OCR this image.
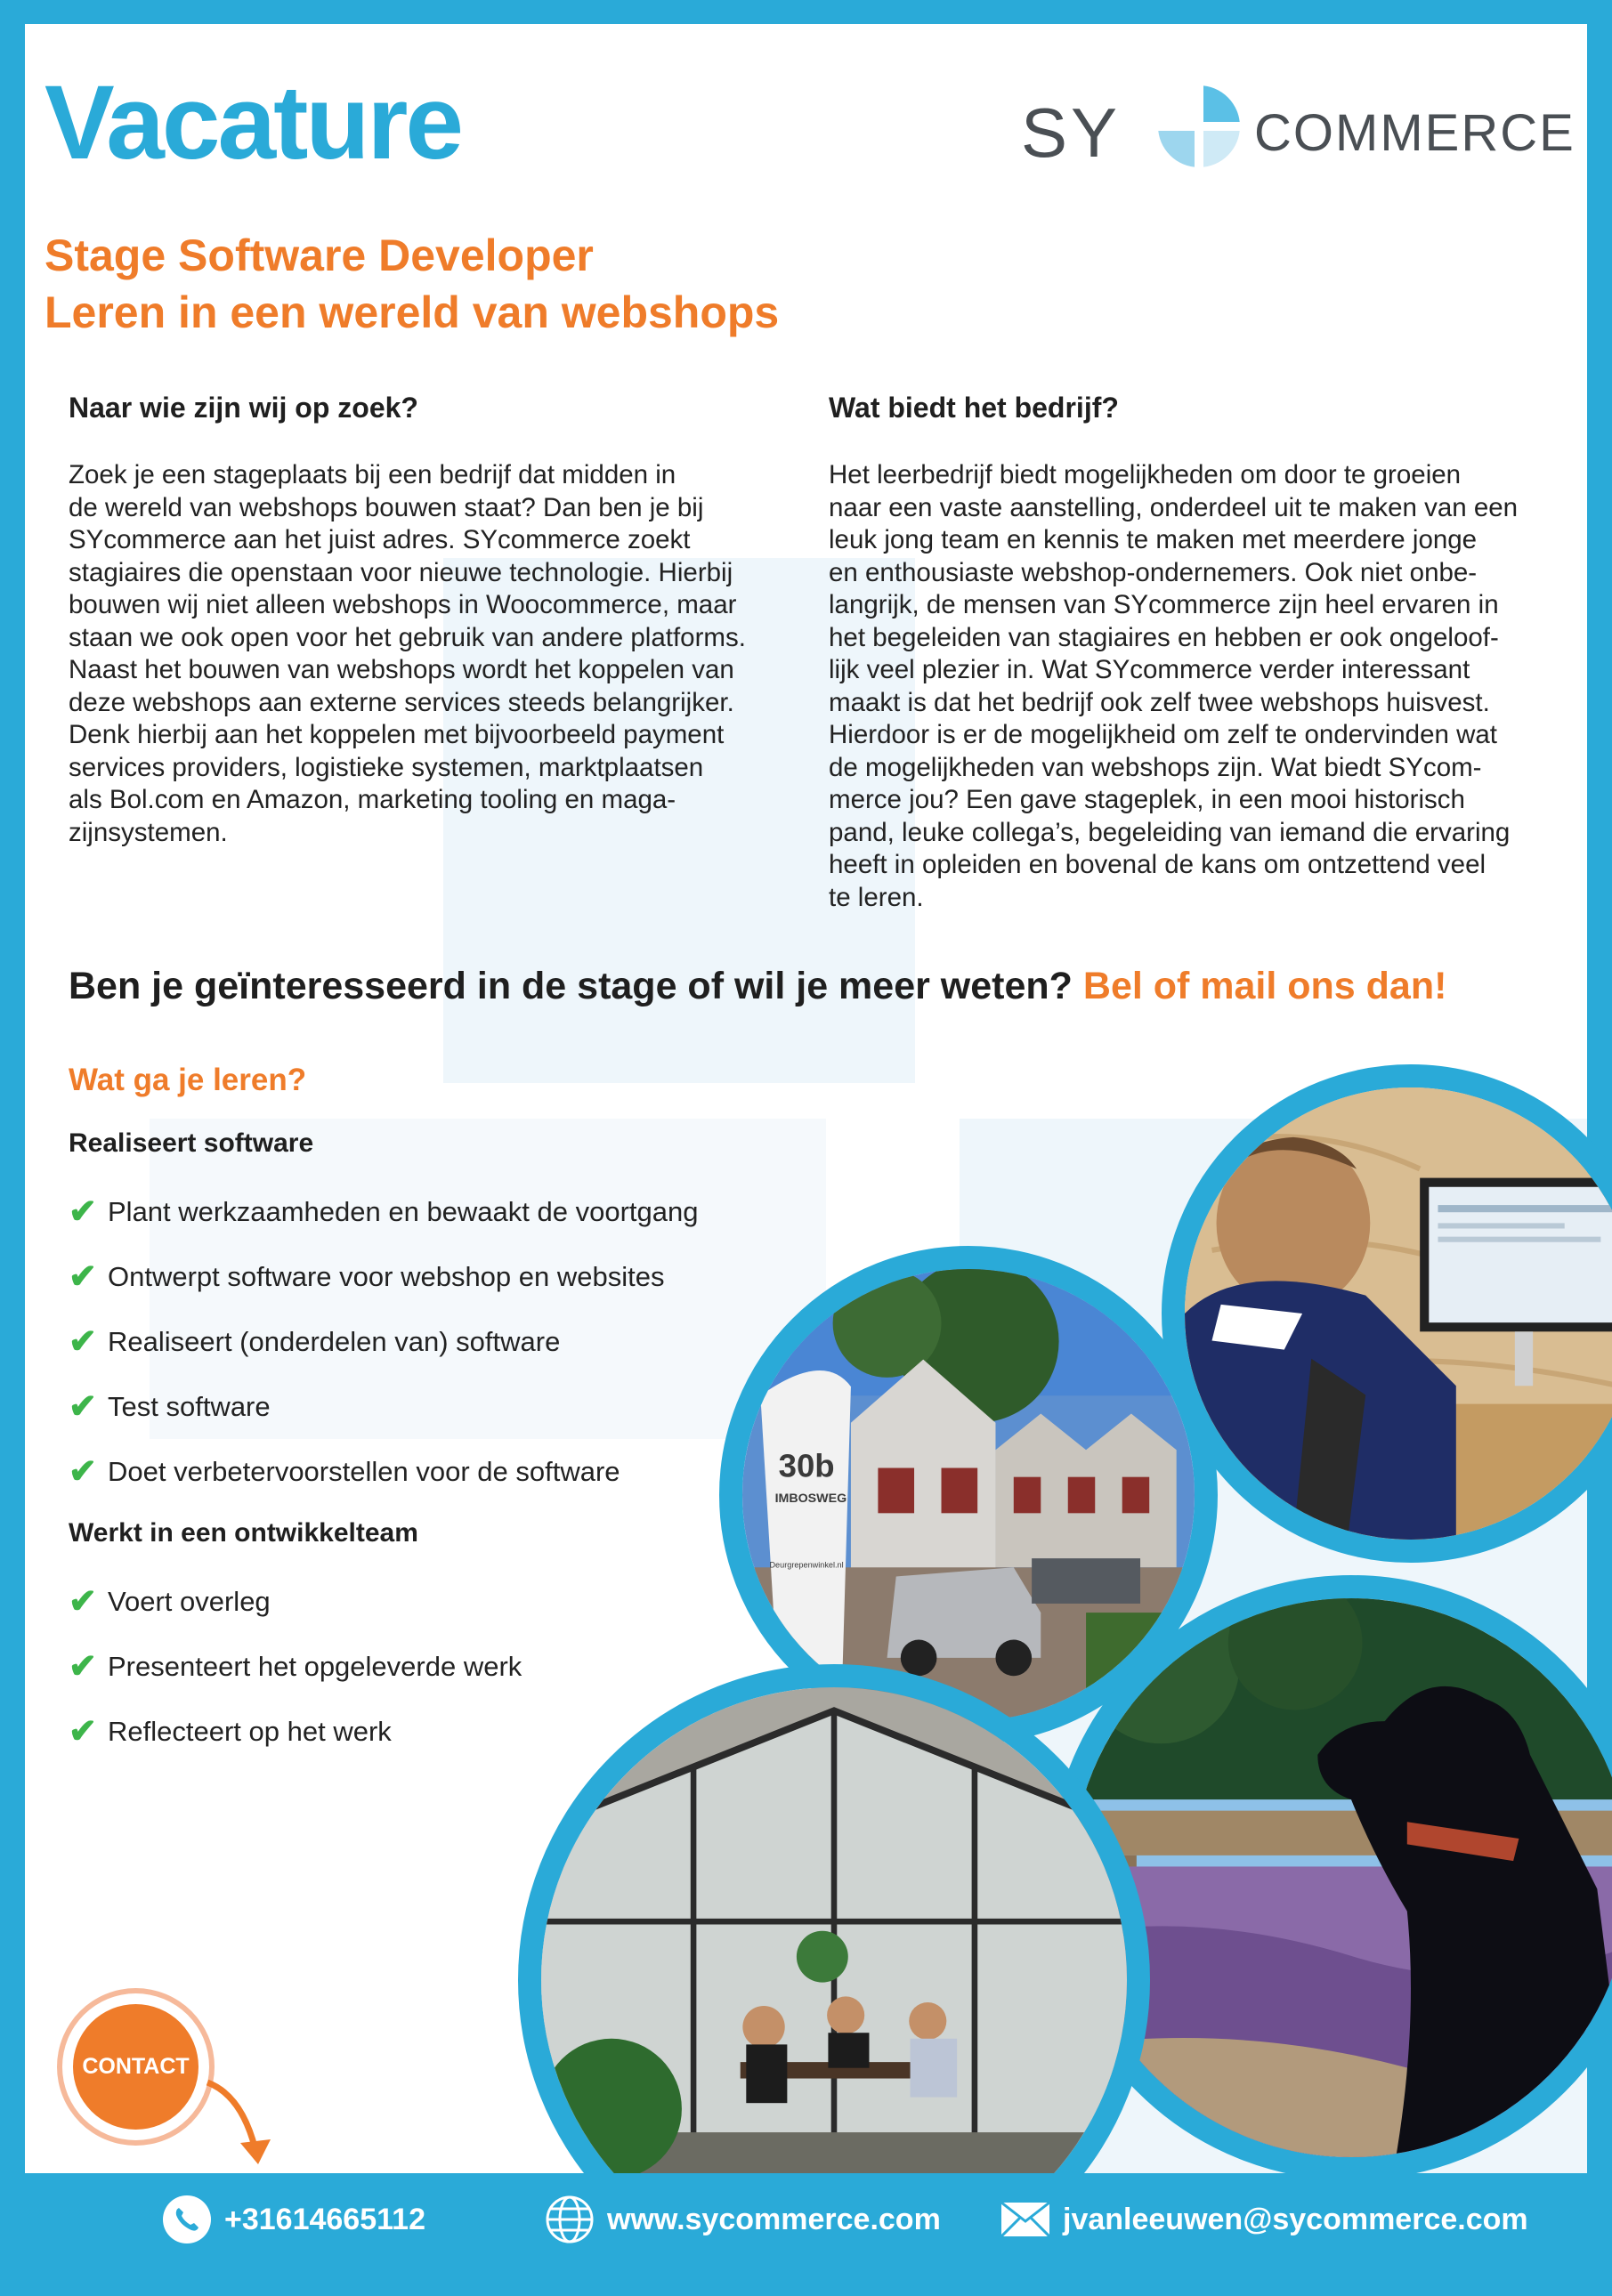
Vacature	SY	COMMERCE
Stage Software Developer
Leren in een wereld van webshops
Naar wie zijn wij op zoek?

Zoek je een stageplaats bij een bedrijf dat midden in
de wereld van webshops bouwen staat? Dan ben je bij
SYcommerce aan het juist adres. SYcommerce zoekt
stagiaires die openstaan voor nieuwe technologie. Hierbij
bouwen wij niet alleen webshops in Woocommerce, maar
staan we ook open voor het gebruik van andere platforms.
Naast het bouwen van webshops wordt het koppelen van
deze webshops aan externe services steeds belangrijker.
Denk hierbij aan het koppelen met bijvoorbeeld payment
services providers, logistieke systemen, marktplaatsen
als Bol.com en Amazon, marketing tooling en maga-
zijnsystemen.

Wat biedt het bedrijf?

Het leerbedrijf biedt mogelijkheden om door te groeien
naar een vaste aanstelling, onderdeel uit te maken van een
leuk jong team en kennis te maken met meerdere jonge
en enthousiaste webshop-ondernemers. Ook niet onbe-
langrijk, de mensen van SYcommerce zijn heel ervaren in
het begeleiden van stagiaires en hebben er ook ongeloof-
lijk veel plezier in. Wat SYcommerce verder interessant
maakt is dat het bedrijf ook zelf twee webshops huisvest.
Hierdoor is er de mogelijkheid om zelf te ondervinden wat
de mogelijkheden van webshops zijn. Wat biedt SYcom-
merce jou? Een gave stageplek, in een mooi historisch
pand, leuke collega’s, begeleiding van iemand die ervaring
heeft in opleiden en bovenal de kans om ontzettend veel
te leren.

Ben je geïnteresseerd in de stage of wil je meer weten? Bel of mail ons dan!

Wat ga je leren?
Realiseert software
✔ Plant werkzaamheden en bewaakt de voortgang
✔ Ontwerpt software voor webshop en websites
✔ Realiseert (onderdelen van) software
✔ Test software
✔ Doet verbetervoorstellen voor de software
Werkt in een ontwikkelteam
✔ Voert overleg
✔ Presenteert het opgeleverde werk
✔ Reflecteert op het werk
30b
IMBOSWEG
Deurgrepenwinkel.nl
CONTACT
+31614665112	www.sycommerce.com	jvanleeuwen@sycommerce.com
